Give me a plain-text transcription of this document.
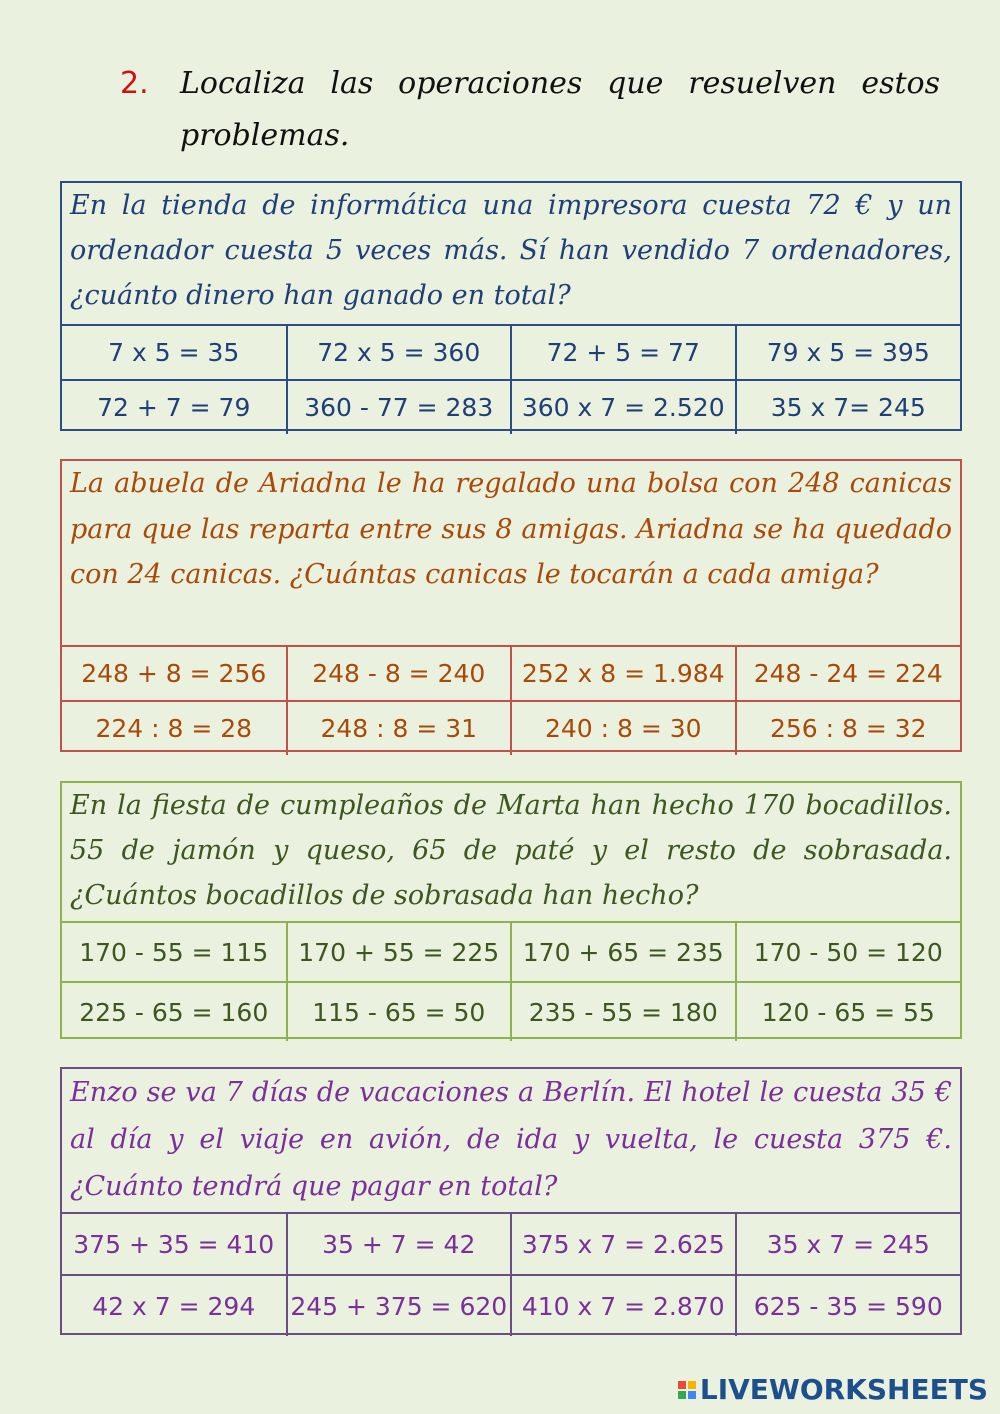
2. Localiza las operaciones que resuelven estos problemas.
En la tienda de informática una impresora cuesta 72 € y un ordenador cuesta 5 veces más. Sí han vendido 7 ordenadores, ¿cuánto dinero han ganado en total?
7 x 5 = 35	72 x 5 = 360	72 + 5 = 77	79 x 5 = 395
72 + 7 = 79	360 - 77 = 283	360 x 7 = 2.520	35 x 7= 245
La abuela de Ariadna le ha regalado una bolsa con 248 canicas para que las reparta entre sus 8 amigas. Ariadna se ha quedado con 24 canicas. ¿Cuántas canicas le tocarán a cada amiga?
248 + 8 = 256	248 - 8 = 240	252 x 8 = 1.984	248 - 24 = 224
224 : 8 = 28	248 : 8 = 31	240 : 8 = 30	256 : 8 = 32
En la fiesta de cumpleaños de Marta han hecho 170 bocadillos. 55 de jamón y queso, 65 de paté y el resto de sobrasada. ¿Cuántos bocadillos de sobrasada han hecho?
170 - 55 = 115	170 + 55 = 225	170 + 65 = 235	170 - 50 = 120
225 - 65 = 160	115 - 65 = 50	235 - 55 = 180	120 - 65 = 55
Enzo se va 7 días de vacaciones a Berlín. El hotel le cuesta 35 € al día y el viaje en avión, de ida y vuelta, le cuesta 375 €. ¿Cuánto tendrá que pagar en total?
375 + 35 = 410	35 + 7 = 42	375 x 7 = 2.625	35 x 7 = 245
42 x 7 = 294	245 + 375 = 620	410 x 7 = 2.870	625 - 35 = 590
LIVEWORKSHEETS
